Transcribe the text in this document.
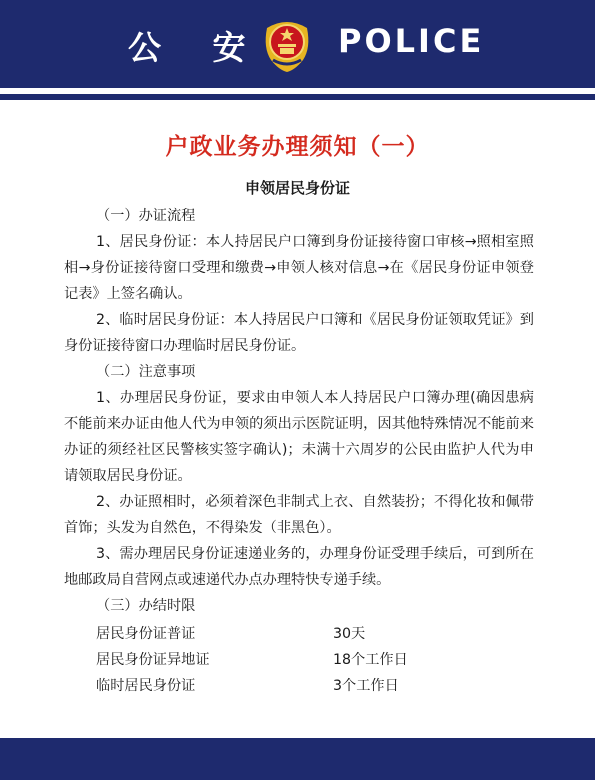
公 安 POLICE
户政业务办理须知（一）
申领居民身份证

（一）办证流程

1、居民身份证：本人持居民户口簿到身份证接待窗口审核→照相室照相→身份证接待窗口受理和缴费→申领人核对信息→在《居民身份证申领登记表》上签名确认。

2、临时居民身份证：本人持居民户口簿和《居民身份证领取凭证》到身份证接待窗口办理临时居民身份证。

（二）注意事项

1、办理居民身份证，要求由申领人本人持居民户口簿办理(确因患病不能前来办证由他人代为申领的须出示医院证明，因其他特殊情况不能前来办证的须经社区民警核实签字确认)；未满十六周岁的公民由监护人代为申请领取居民身份证。

2、办证照相时，必须着深色非制式上衣、自然装扮；不得化妆和佩带首饰；头发为自然色，不得染发（非黑色）。

3、需办理居民身份证速递业务的，办理身份证受理手续后，可到所在地邮政局自营网点或速递代办点办理特快专递手续。

（三）办结时限

居民身份证普证	30天
居民身份证异地证	18个工作日
临时居民身份证	3个工作日
